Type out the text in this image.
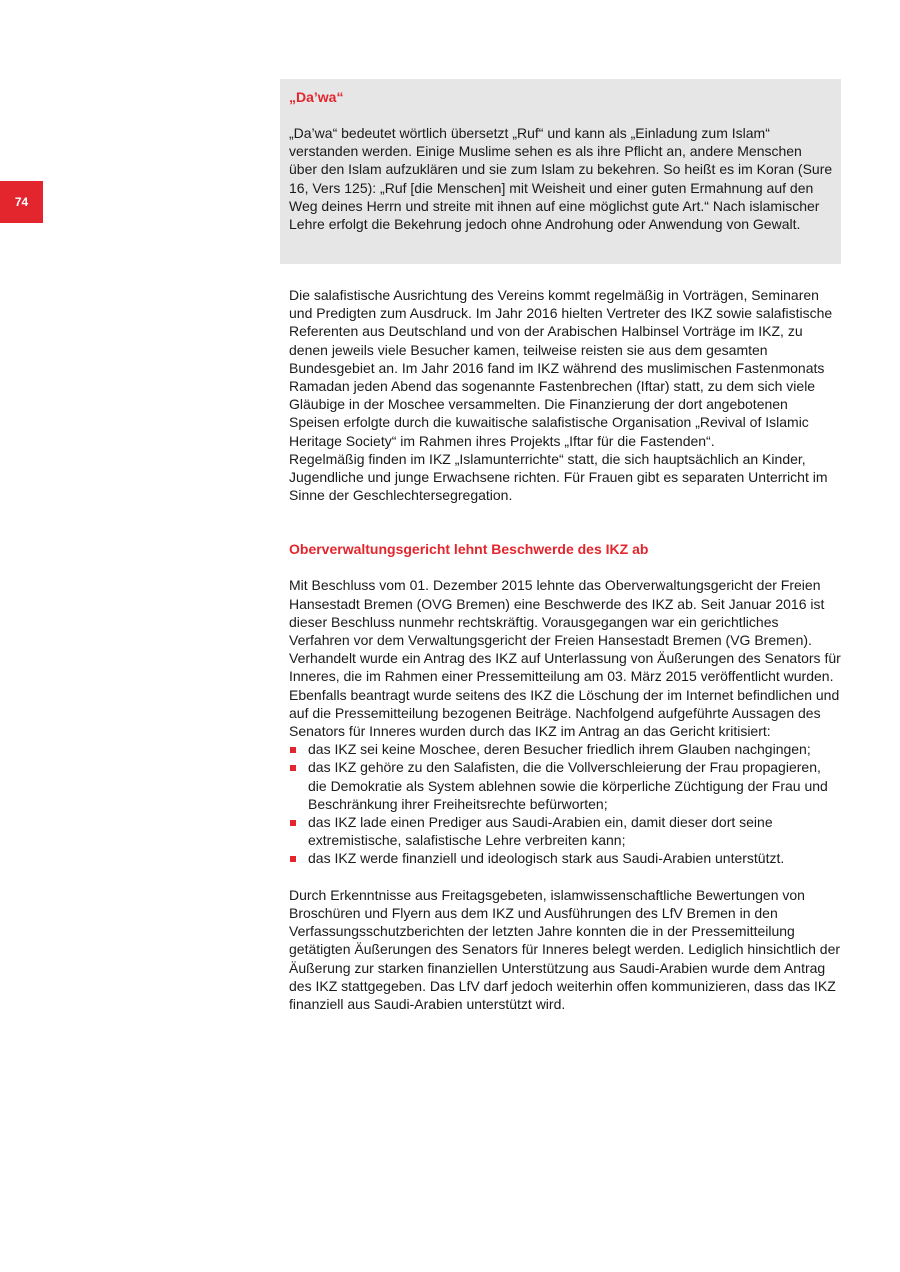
74

„Da’wa“

„Da’wa“ bedeutet wörtlich übersetzt „Ruf“ und kann als „Einladung zum Islam“ verstanden werden. Einige Muslime sehen es als ihre Pflicht an, andere Menschen über den Islam aufzuklären und sie zum Islam zu bekehren. So heißt es im Koran (Sure 16, Vers 125): „Ruf [die Menschen] mit Weisheit und einer guten Ermahnung auf den Weg deines Herrn und streite mit ihnen auf eine möglichst gute Art.“ Nach islamischer Lehre erfolgt die Bekehrung jedoch ohne Androhung oder Anwendung von Gewalt.

Die salafistische Ausrichtung des Vereins kommt regelmäßig in Vorträgen, Seminaren und Predigten zum Ausdruck. Im Jahr 2016 hielten Vertreter des IKZ sowie salafistische Referenten aus Deutschland und von der Arabischen Halbinsel Vorträge im IKZ, zu denen jeweils viele Besucher kamen, teilweise reisten sie aus dem gesamten Bundesgebiet an. Im Jahr 2016 fand im IKZ während des muslimischen Fastenmonats Ramadan jeden Abend das sogenannte Fastenbrechen (Iftar) statt, zu dem sich viele Gläubige in der Moschee versammelten. Die Finanzierung der dort angebotenen Speisen erfolgte durch die kuwaitische salafistische Organisation „Revival of Islamic Heritage Society“ im Rahmen ihres Projekts „Iftar für die Fastenden“.

Regelmäßig finden im IKZ „Islamunterrichte“ statt, die sich hauptsächlich an Kinder, Jugendliche und junge Erwachsene richten. Für Frauen gibt es separaten Unterricht im Sinne der Geschlechtersegregation.

Oberverwaltungsgericht lehnt Beschwerde des IKZ ab

Mit Beschluss vom 01. Dezember 2015 lehnte das Oberverwaltungsgericht der Freien Hansestadt Bremen (OVG Bremen) eine Beschwerde des IKZ ab. Seit Januar 2016 ist dieser Beschluss nunmehr rechtskräftig. Vorausgegangen war ein gerichtliches Verfahren vor dem Verwaltungsgericht der Freien Hansestadt Bremen (VG Bremen). Verhandelt wurde ein Antrag des IKZ auf Unterlassung von Äußerungen des Senators für Inneres, die im Rahmen einer Pressemitteilung am 03. März 2015 veröffentlicht wurden. Ebenfalls beantragt wurde seitens des IKZ die Löschung der im Internet befindlichen und auf die Pressemitteilung bezogenen Beiträge. Nachfolgend aufgeführte Aussagen des Senators für Inneres wurden durch das IKZ im Antrag an das Gericht kritisiert:

das IKZ sei keine Moschee, deren Besucher friedlich ihrem Glauben nachgingen;
das IKZ gehöre zu den Salafisten, die die Vollverschleierung der Frau propagieren, die Demokratie als System ablehnen sowie die körperliche Züchtigung der Frau und Beschränkung ihrer Freiheitsrechte befürworten;
das IKZ lade einen Prediger aus Saudi-Arabien ein, damit dieser dort seine extremistische, salafistische Lehre verbreiten kann;
das IKZ werde finanziell und ideologisch stark aus Saudi-Arabien unterstützt.

Durch Erkenntnisse aus Freitagsgebeten, islamwissenschaftliche Bewertungen von Broschüren und Flyern aus dem IKZ und Ausführungen des LfV Bremen in den Verfassungsschutzberichten der letzten Jahre konnten die in der Pressemitteilung getätigten Äußerungen des Senators für Inneres belegt werden. Lediglich hinsichtlich der Äußerung zur starken finanziellen Unterstützung aus Saudi-Arabien wurde dem Antrag des IKZ stattgegeben. Das LfV darf jedoch weiterhin offen kommunizieren, dass das IKZ finanziell aus Saudi-Arabien unterstützt wird.
